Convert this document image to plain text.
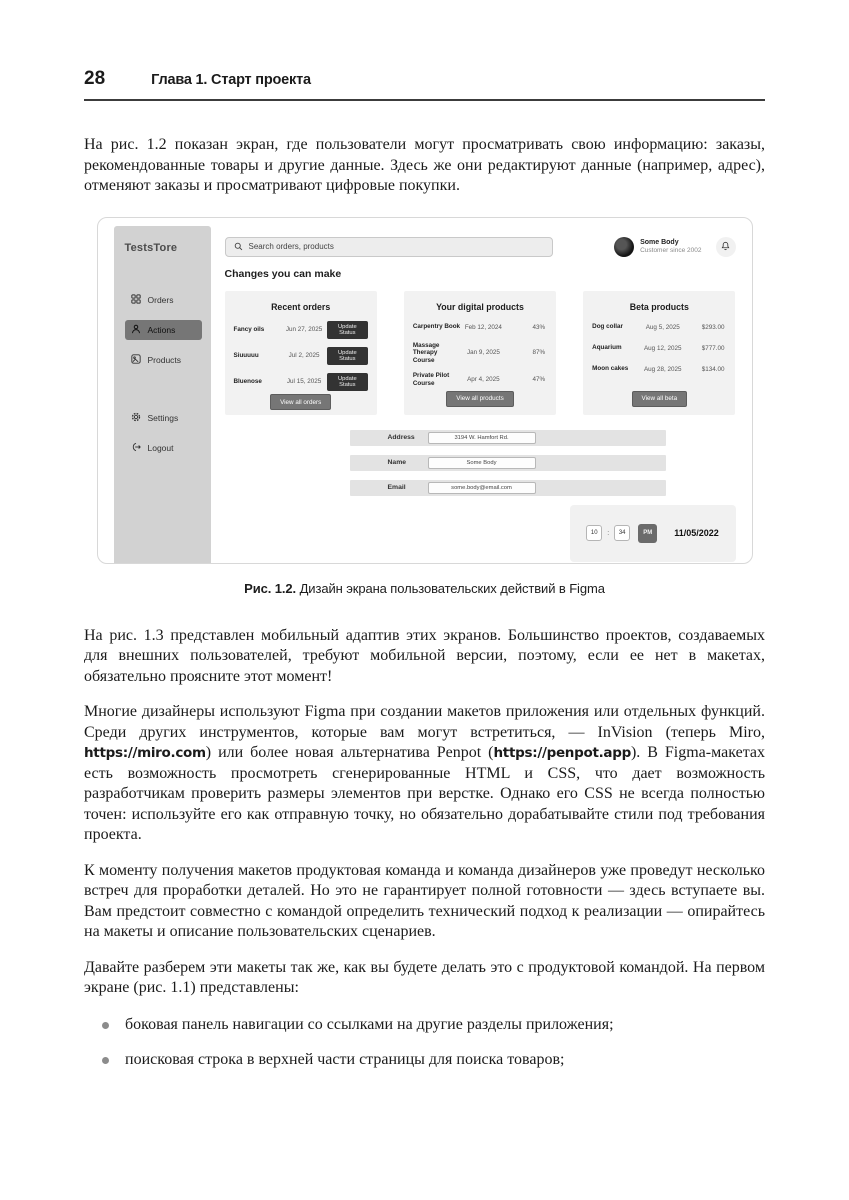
28	Глава 1. Старт проекта

На рис. 1.2 показан экран, где пользователи могут просматривать свою информацию: заказы, рекомендованные товары и другие данные. Здесь же они редактируют данные (например, адрес), отменяют заказы и просматривают цифровые покупки.

TestsTore
Orders
Actions
Products
Settings
Logout
Search orders, products
Some Body
Customer since 2002
Changes you can make
Recent orders
Fancy oils	Jun 27, 2025	Update Status
Siuuuuu	Jul 2, 2025	Update Status
Bluenose	Jul 15, 2025	Update Status
View all orders
Your digital products
Carpentry Book Feb 12, 2024	43%
Massage Therapy Course
Jan 9, 2025	87%
Private Pilot Course	Apr 4, 2025	47%
View all products
Beta products
Dog collar	Aug 5, 2025	$293.00
Aquarium	Aug 12, 2025	$777.00
Moon cakes	Aug 28, 2025	$134.00
View all beta
Address
3194 W. Hamfort Rd.
Name
Some Body
Email
some.body@email.com
10	:	34	PM	11/05/2022
Рис. 1.2. Дизайн экрана пользовательских действий в Figma

На рис. 1.3 представлен мобильный адаптив этих экранов. Большинство проектов, создаваемых для внешних пользователей, требуют мобильной версии, поэтому, если ее нет в макетах, обязательно проясните этот момент!

Многие дизайнеры используют Figma при создании макетов приложения или отдельных функций. Среди других инструментов, которые вам могут встретиться, — InVision (теперь Miro, https://miro.com) или более новая альтернатива Penpot (https://penpot.app). В Figma-макетах есть возможность просмотреть сгенерированные HTML и CSS, что дает возможность разработчикам проверить размеры элементов при верстке. Однако его CSS не всегда полностью точен: используйте его как отправную точку, но обязательно дорабатывайте стили под требования проекта.

К моменту получения макетов продуктовая команда и команда дизайнеров уже проведут несколько встреч для проработки деталей. Но это не гарантирует полной готовности — здесь вступаете вы. Вам предстоит совместно с командой определить технический подход к реализации — опирайтесь на макеты и описание пользовательских сценариев.

Давайте разберем эти макеты так же, как вы будете делать это с продуктовой командой. На первом экране (рис. 1.1) представлены:

боковая панель навигации со ссылками на другие разделы приложения;
поисковая строка в верхней части страницы для поиска товаров;
